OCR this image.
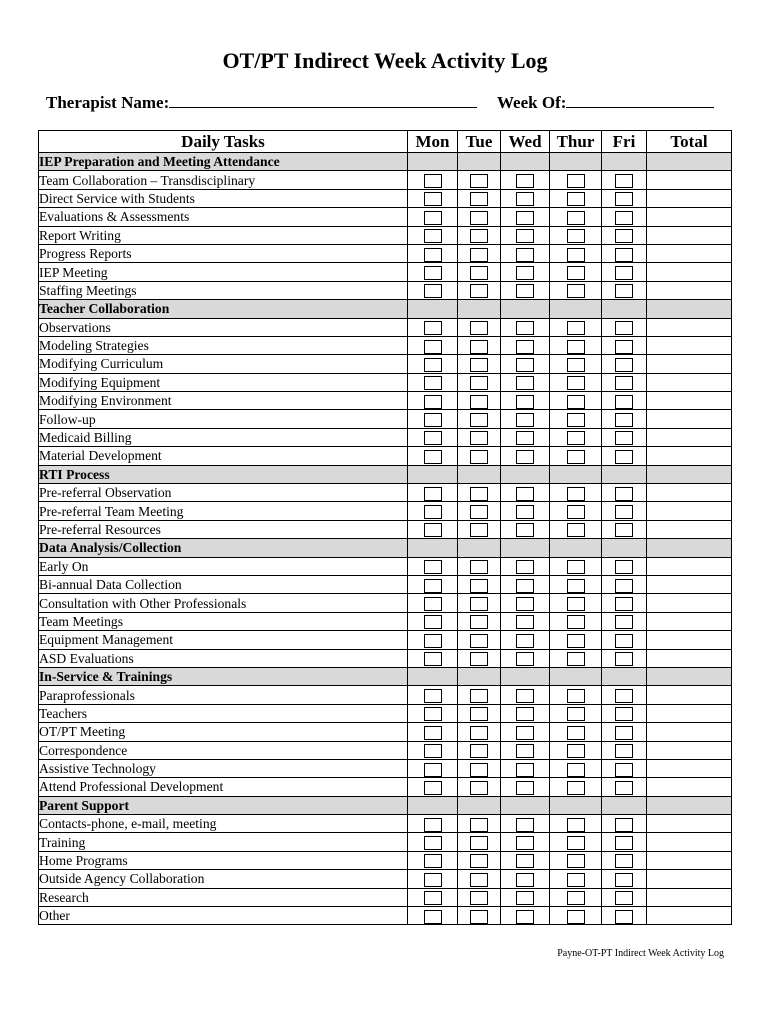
OT/PT Indirect Week Activity Log
Therapist Name:	Week Of:
Daily Tasks	Mon	Tue	Wed	Thur	Fri	Total
IEP Preparation and Meeting Attendance						
Team Collaboration – Transdisciplinary						
Direct Service with Students						
Evaluations & Assessments						
Report Writing						
Progress Reports						
IEP Meeting						
Staffing Meetings						
Teacher Collaboration						
Observations						
Modeling Strategies						
Modifying Curriculum						
Modifying Equipment						
Modifying Environment						
Follow-up						
Medicaid Billing						
Material Development						
RTI Process						
Pre-referral Observation						
Pre-referral Team Meeting						
Pre-referral Resources						
Data Analysis/Collection						
Early On						
Bi-annual Data Collection						
Consultation with Other Professionals						
Team Meetings						
Equipment Management						
ASD Evaluations						
In-Service & Trainings						
Paraprofessionals						
Teachers						
OT/PT Meeting						
Correspondence						
Assistive Technology						
Attend Professional Development						
Parent Support						
Contacts-phone, e-mail, meeting						
Training						
Home Programs						
Outside Agency Collaboration						
Research						
Other						
Payne-OT-PT Indirect Week Activity Log
